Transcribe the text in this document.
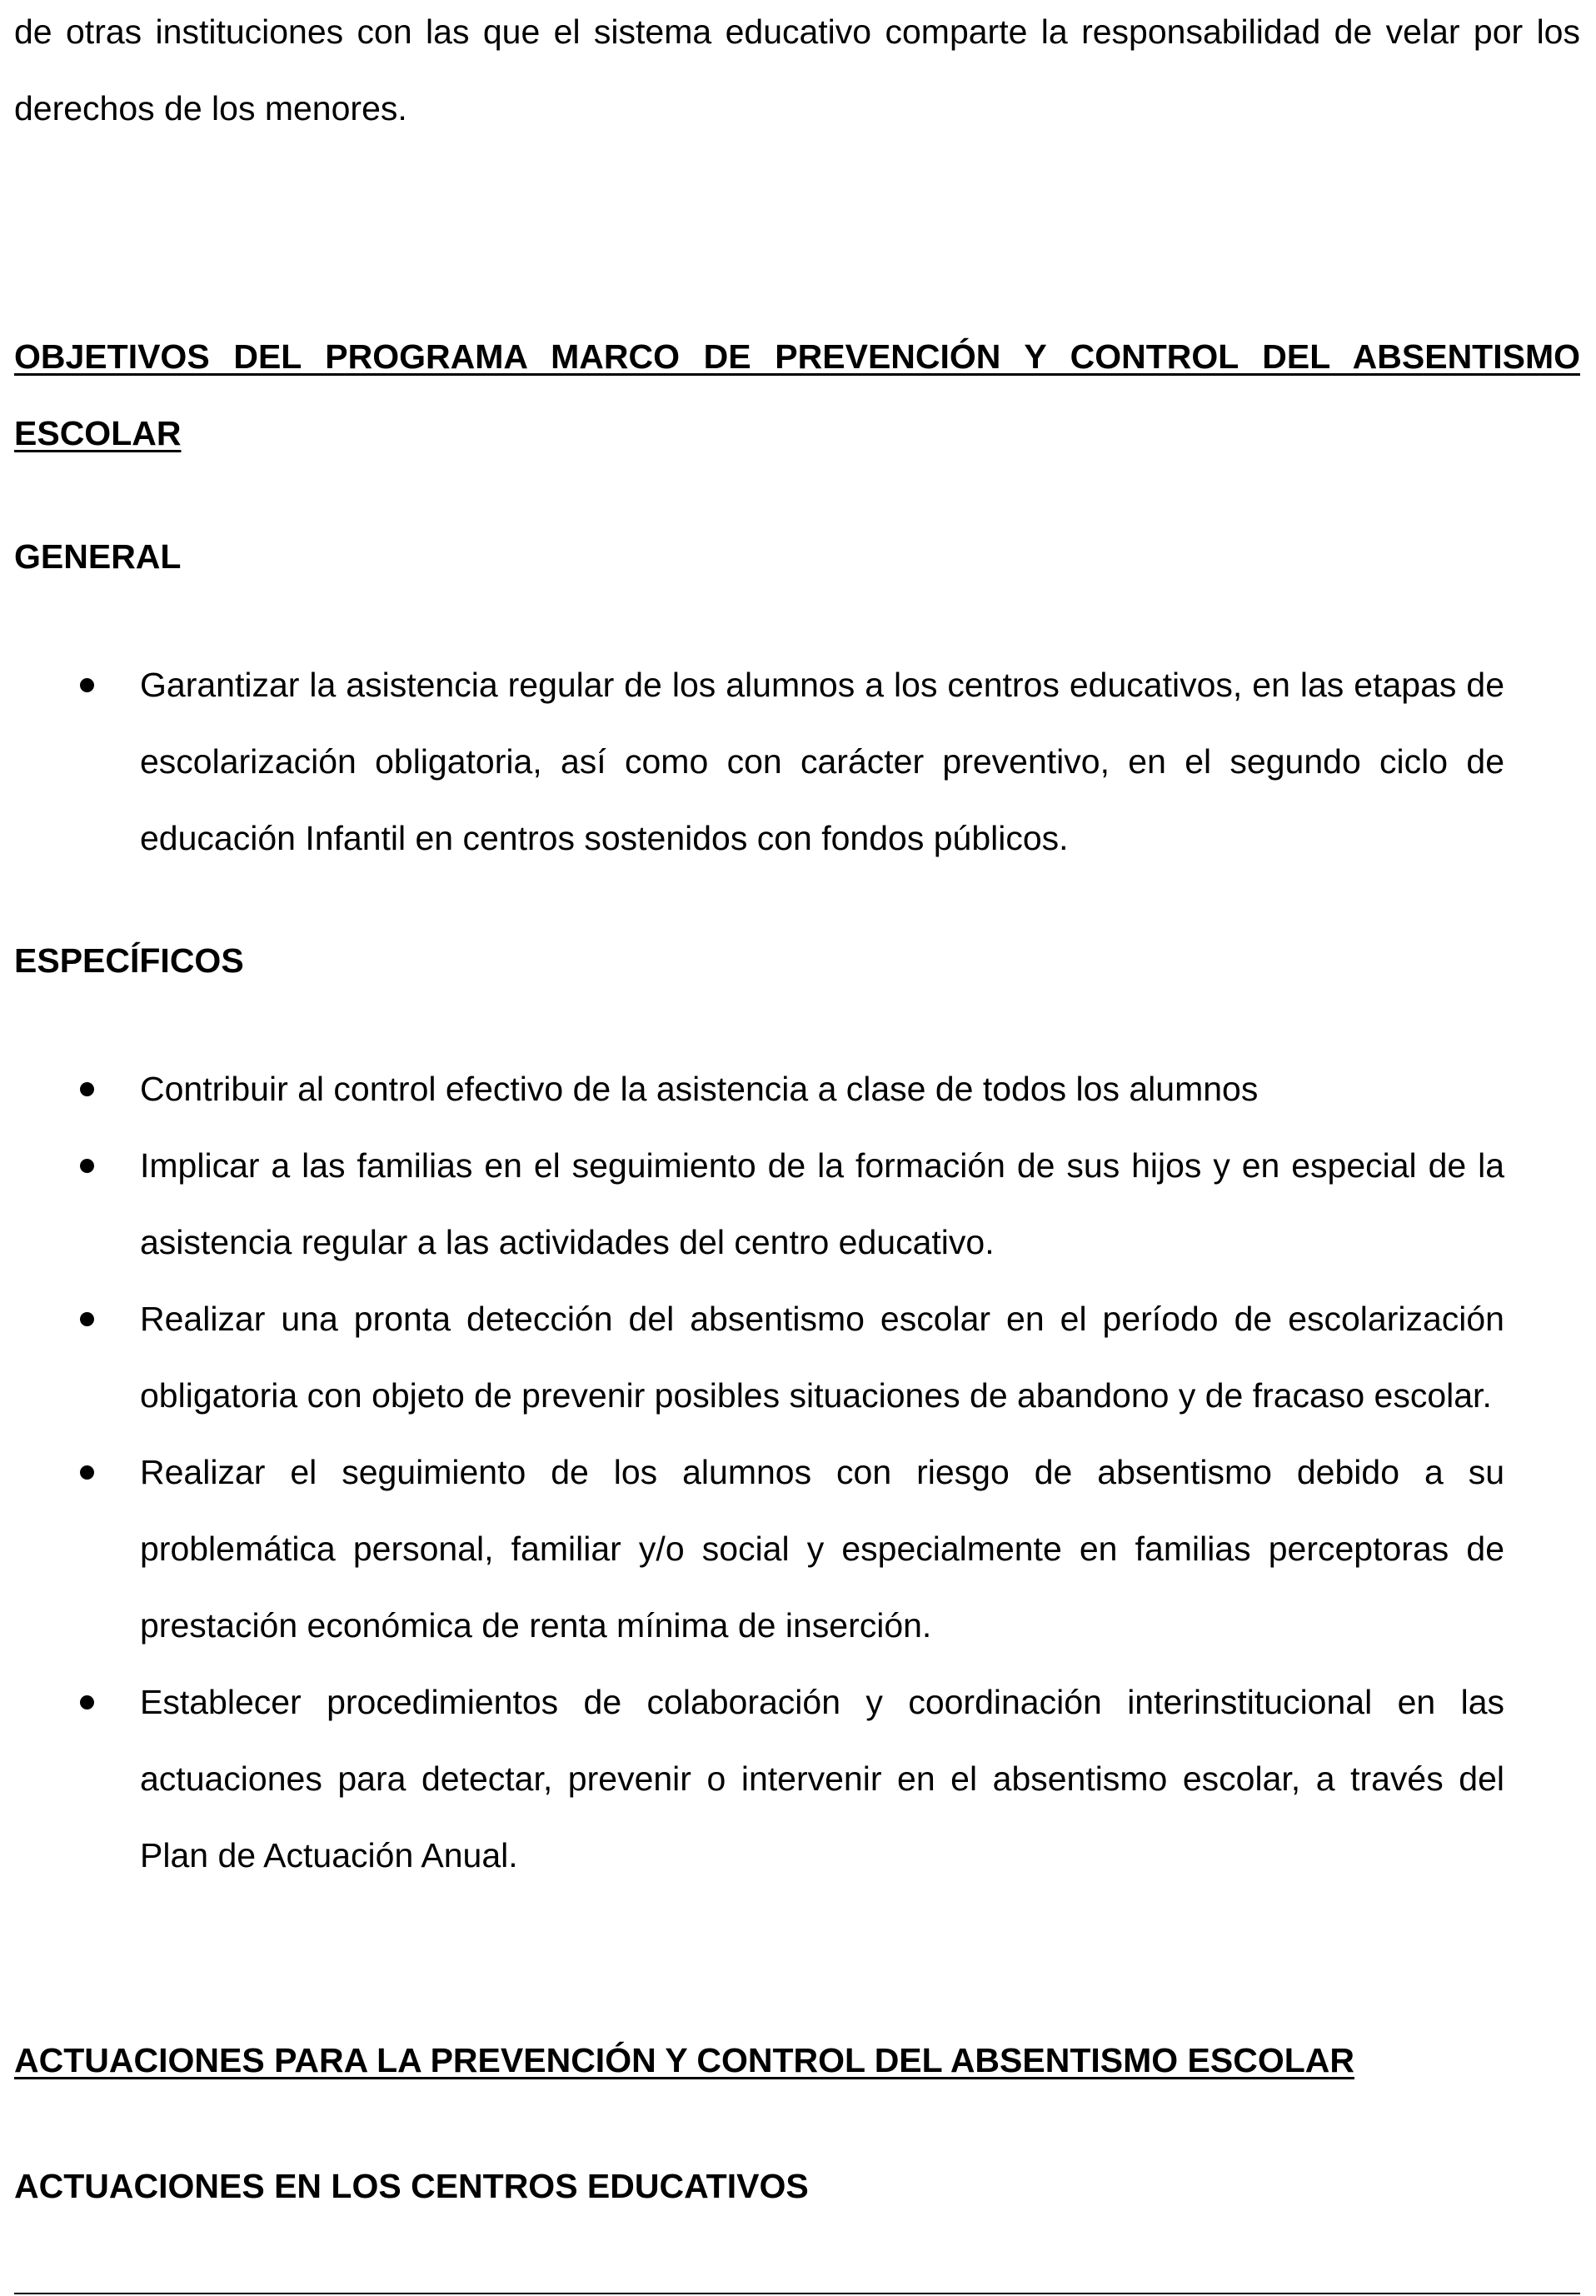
de otras instituciones con las que el sistema educativo comparte la responsabilidad de velar por los derechos de los menores.

OBJETIVOS DEL PROGRAMA MARCO DE PREVENCIÓN Y CONTROL DEL ABSENTISMO ESCOLAR

GENERAL

Garantizar la asistencia regular de los alumnos a los centros educativos, en las etapas de escolarización obligatoria, así como con carácter preventivo, en el segundo ciclo de educación Infantil en centros sostenidos con fondos públicos.

ESPECÍFICOS

Contribuir al control efectivo de la asistencia a clase de todos los alumnos
Implicar a las familias en el seguimiento de la formación de sus hijos y en especial de la asistencia regular a las actividades del centro educativo.
Realizar una pronta detección del absentismo escolar en el período de escolarización obligatoria con objeto de prevenir posibles situaciones de abandono y de fracaso escolar.
Realizar el seguimiento de los alumnos con riesgo de absentismo debido a su problemática personal, familiar y/o social y especialmente en familias perceptoras de prestación económica de renta mínima de inserción.
Establecer procedimientos de colaboración y coordinación interinstitucional en las actuaciones para detectar, prevenir o intervenir en el absentismo escolar, a través del Plan de Actuación Anual.

ACTUACIONES PARA LA PREVENCIÓN Y CONTROL DEL ABSENTISMO ESCOLAR

ACTUACIONES EN LOS CENTROS EDUCATIVOS
